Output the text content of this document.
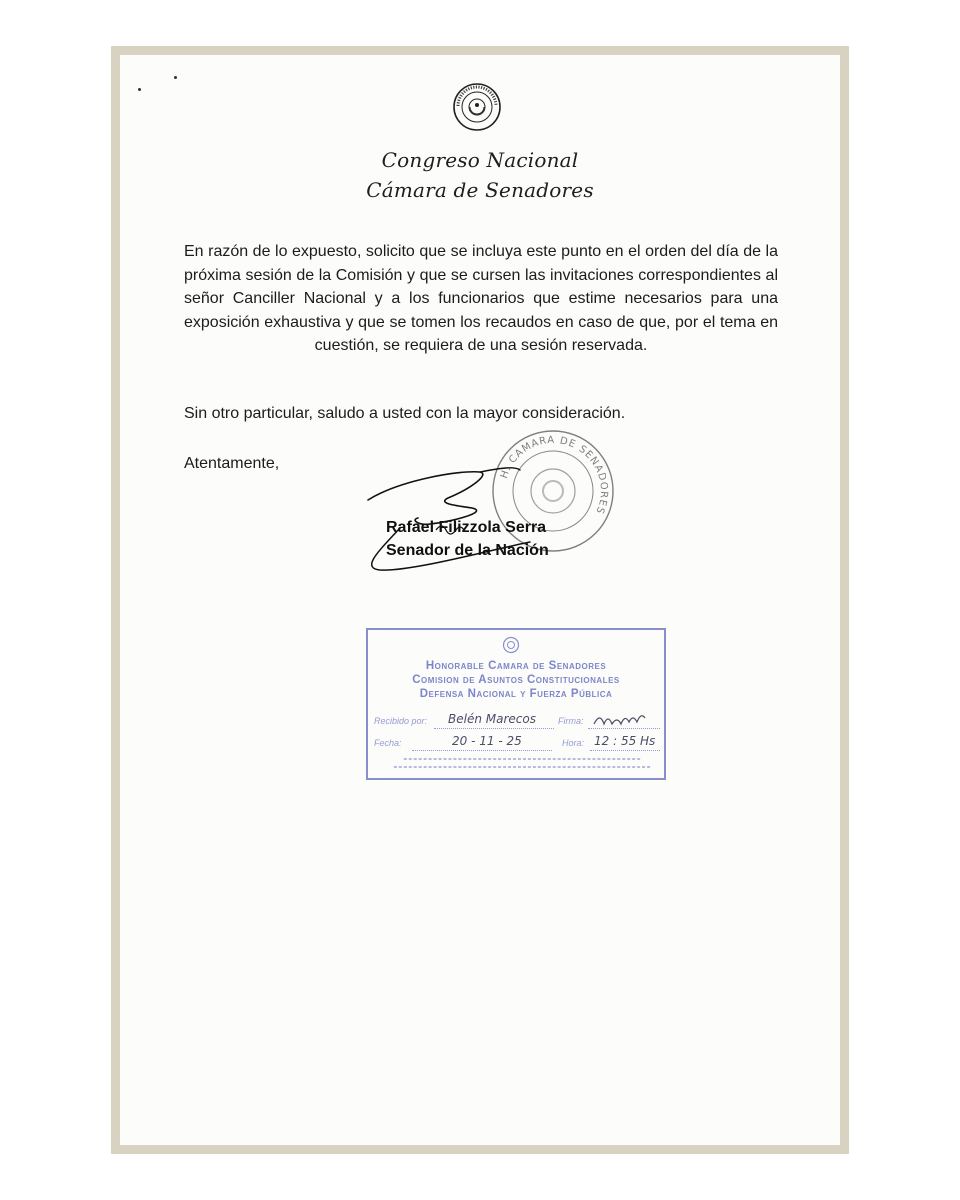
Congreso Nacional
Cámara de Senadores
En razón de lo expuesto, solicito que se incluya este punto en el orden del día de la próxima sesión de la Comisión y que se cursen las invitaciones correspondientes al señor Canciller Nacional y a los funcionarios que estime necesarios para una exposición exhaustiva y que se tomen los recaudos en caso de que, por el tema en cuestión, se requiera de una sesión reservada.
Sin otro particular, saludo a usted con la mayor consideración.
Atentamente,
H. CAMARA DE SENADORES
Rafael Filizzola Serra
Senador de la Nación
Honorable Camara de Senadores
Comision de Asuntos Constitucionales
Defensa Nacional y Fuerza Pública
Recibido por: Belén Marecos Firma:
Fecha:	20 - 11 - 25	Hora: 12 : 55 Hs
